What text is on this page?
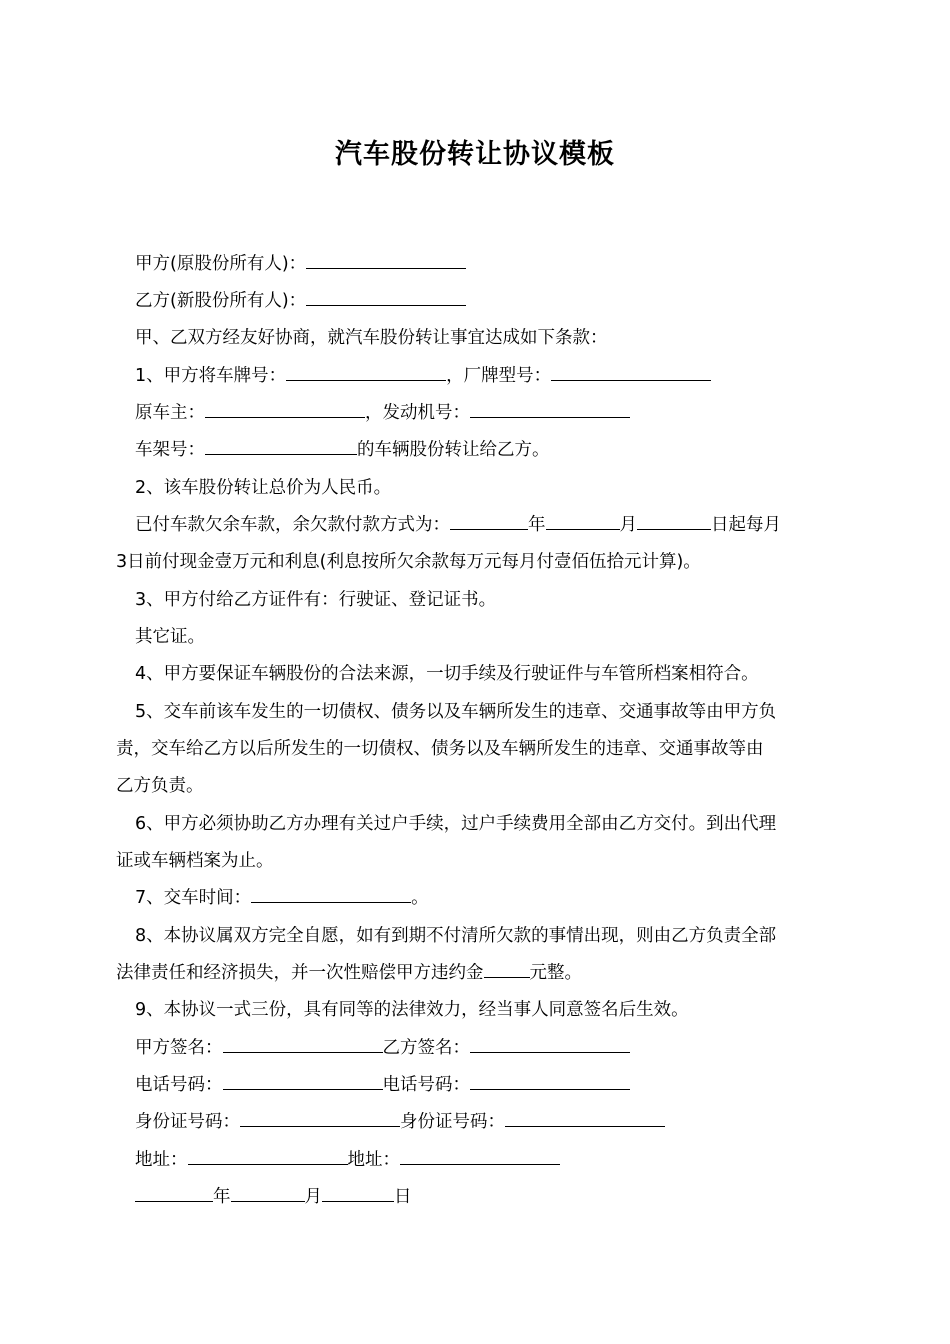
汽车股份转让协议模板
甲方(原股份所有人)：
乙方(新股份所有人)：
甲、乙双方经友好协商，就汽车股份转让事宜达成如下条款：
1、甲方将车牌号：	，厂牌型号：
原车主：	，发动机号：
车架号：	的车辆股份转让给乙方。
2、该车股份转让总价为人民币。
已付车款欠余车款，余欠款付款方式为：	年	月	日起每月
3日前付现金壹万元和利息(利息按所欠余款每万元每月付壹佰伍拾元计算)。
3、甲方付给乙方证件有：行驶证、登记证书。
其它证。
4、甲方要保证车辆股份的合法来源，一切手续及行驶证件与车管所档案相符合。
5、交车前该车发生的一切债权、债务以及车辆所发生的违章、交通事故等由甲方负
责，交车给乙方以后所发生的一切债权、债务以及车辆所发生的违章、交通事故等由
乙方负责。
6、甲方必须协助乙方办理有关过户手续，过户手续费用全部由乙方交付。到出代理
证或车辆档案为止。
7、交车时间：	。
8、本协议属双方完全自愿，如有到期不付清所欠款的事情出现，则由乙方负责全部
法律责任和经济损失，并一次性赔偿甲方违约金	元整。
9、本协议一式三份，具有同等的法律效力，经当事人同意签名后生效。
甲方签名：	乙方签名：
电话号码：	电话号码：
身份证号码：	身份证号码：
地址：	地址：
年	月	日
